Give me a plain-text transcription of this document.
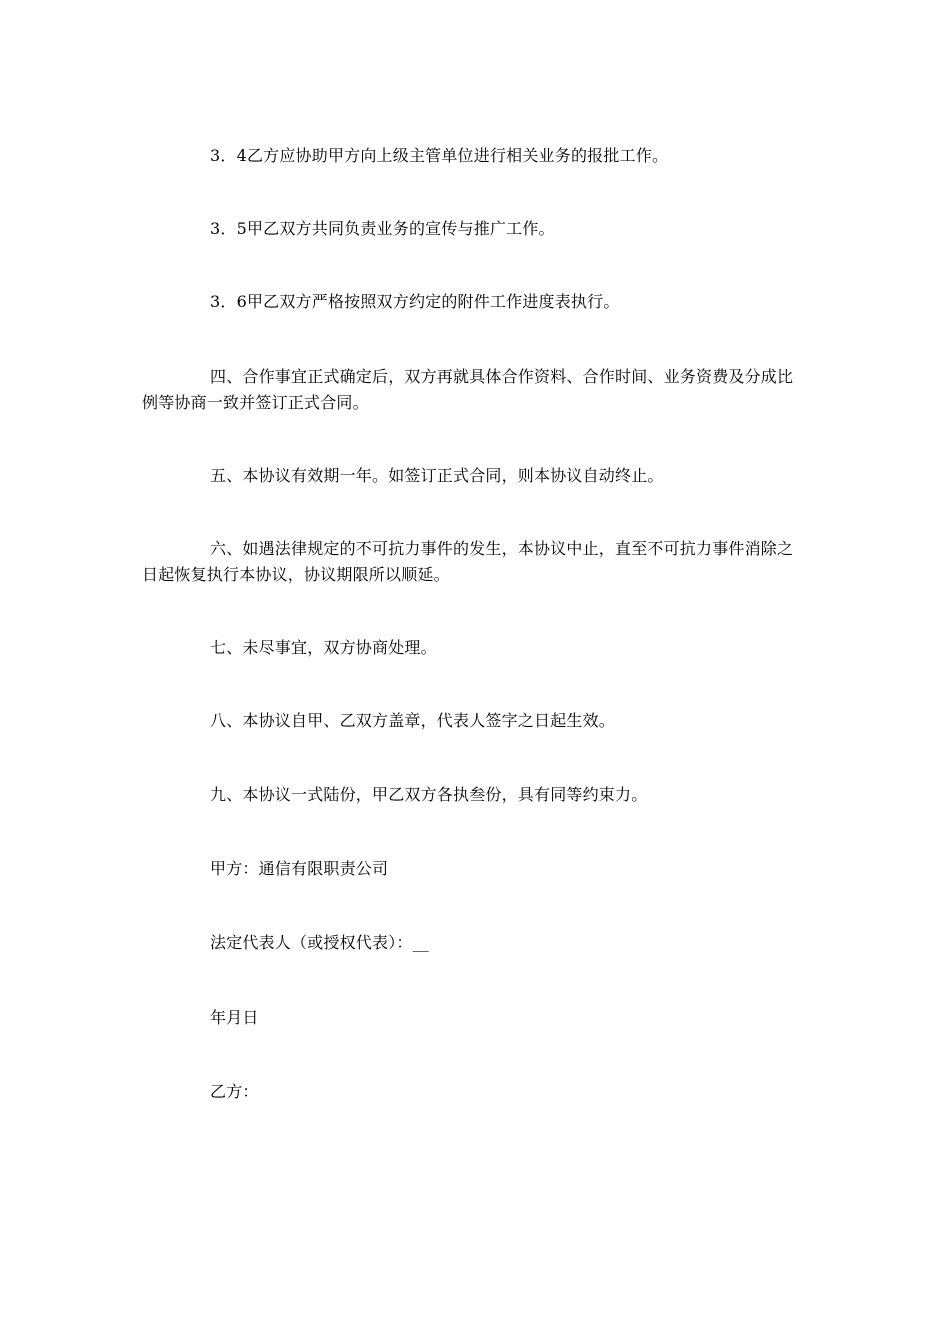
3．4乙方应协助甲方向上级主管单位进行相关业务的报批工作。

3．5甲乙双方共同负责业务的宣传与推广工作。

3．6甲乙双方严格按照双方约定的附件工作进度表执行。

四、合作事宜正式确定后，双方再就具体合作资料、合作时间、业务资费及分成比例等协商一致并签订正式合同。

五、本协议有效期一年。如签订正式合同，则本协议自动终止。

六、如遇法律规定的不可抗力事件的发生，本协议中止，直至不可抗力事件消除之日起恢复执行本协议，协议期限所以顺延。

七、未尽事宜，双方协商处理。

八、本协议自甲、乙双方盖章，代表人签字之日起生效。

九、本协议一式陆份，甲乙双方各执叁份，具有同等约束力。

甲方：通信有限职责公司

法定代表人（或授权代表）：__

年月日

乙方：
